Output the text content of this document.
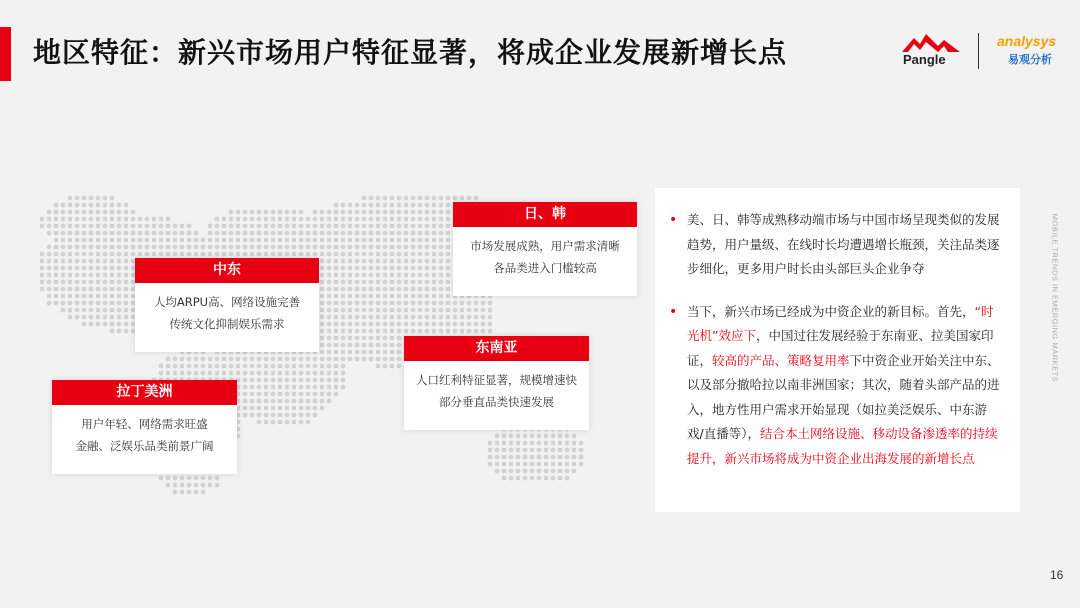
地区特征：新兴市场用户特征显著，将成企业发展新增长点	Pangle
analysys
易观分析
日、韩
市场发展成熟，用户需求清晰
各品类进入门槛较高
中东
人均ARPU高、网络设施完善
传统文化抑制娱乐需求
东南亚
人口红利特征显著，规模增速快
部分垂直品类快速发展
拉丁美洲
用户年轻、网络需求旺盛
金融、泛娱乐品类前景广阔
• 美、日、韩等成熟移动端市场与中国市场呈现类似的发展趋势，用户量级、在线时长均遭遇增长瓶颈，关注品类逐步细化，更多用户时长由头部巨头企业争夺
• 当下，新兴市场已经成为中资企业的新目标。首先，“时光机”效应下，中国过往发展经验于东南亚、拉美国家印证，较高的产品、策略复用率下中资企业开始关注中东、以及部分撤哈拉以南非洲国家；其次，随着头部产品的进入，地方性用户需求开始显现（如拉美泛娱乐、中东游戏/直播等），结合本土网络设施、移动设备渗透率的持续提升，新兴市场将成为中资企业出海发展的新增长点
MOBILE TRENDS IN EMERGING MARKETS
16
